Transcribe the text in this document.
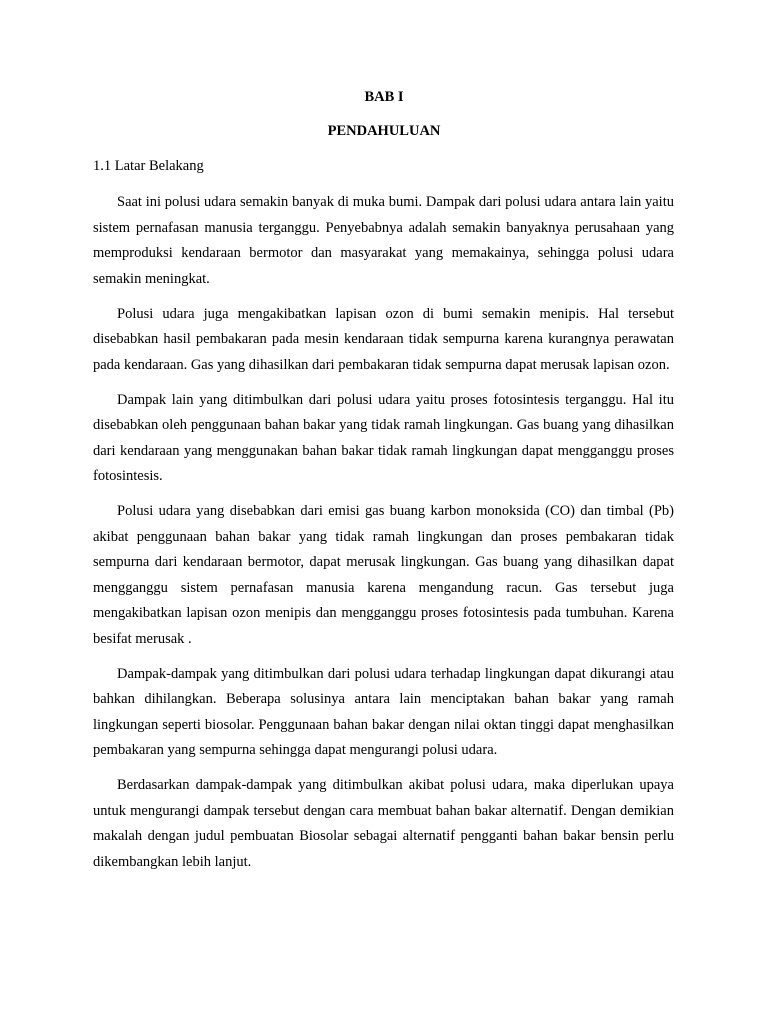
BAB I
PENDAHULUAN
1.1 Latar Belakang

Saat ini polusi udara semakin banyak di muka bumi. Dampak dari polusi udara antara lain yaitu sistem pernafasan manusia terganggu. Penyebabnya adalah semakin banyaknya perusahaan yang memproduksi kendaraan bermotor dan masyarakat yang memakainya, sehingga polusi udara semakin meningkat.

Polusi udara juga mengakibatkan lapisan ozon di bumi semakin menipis. Hal tersebut disebabkan hasil pembakaran pada mesin kendaraan tidak sempurna karena kurangnya perawatan pada kendaraan. Gas yang dihasilkan dari pembakaran tidak sempurna dapat merusak lapisan ozon.

Dampak lain yang ditimbulkan dari polusi udara yaitu proses fotosintesis terganggu. Hal itu disebabkan oleh penggunaan bahan bakar yang tidak ramah lingkungan. Gas buang yang dihasilkan dari kendaraan yang menggunakan bahan bakar tidak ramah lingkungan dapat mengganggu proses fotosintesis.

Polusi udara yang disebabkan dari emisi gas buang karbon monoksida (CO) dan timbal (Pb) akibat penggunaan bahan bakar yang tidak ramah lingkungan dan proses pembakaran tidak sempurna dari kendaraan bermotor, dapat merusak lingkungan. Gas buang yang dihasilkan dapat mengganggu sistem pernafasan manusia karena mengandung racun. Gas tersebut juga mengakibatkan lapisan ozon menipis dan mengganggu proses fotosintesis pada tumbuhan. Karena besifat merusak .

Dampak-dampak yang ditimbulkan dari polusi udara terhadap lingkungan dapat dikurangi atau bahkan dihilangkan. Beberapa solusinya antara lain menciptakan bahan bakar yang ramah lingkungan seperti biosolar. Penggunaan bahan bakar dengan nilai oktan tinggi dapat menghasilkan pembakaran yang sempurna sehingga dapat mengurangi polusi udara.

Berdasarkan dampak-dampak yang ditimbulkan akibat polusi udara, maka diperlukan upaya untuk mengurangi dampak tersebut dengan cara membuat bahan bakar alternatif. Dengan demikian makalah dengan judul pembuatan Biosolar sebagai alternatif pengganti bahan bakar bensin perlu dikembangkan lebih lanjut.
